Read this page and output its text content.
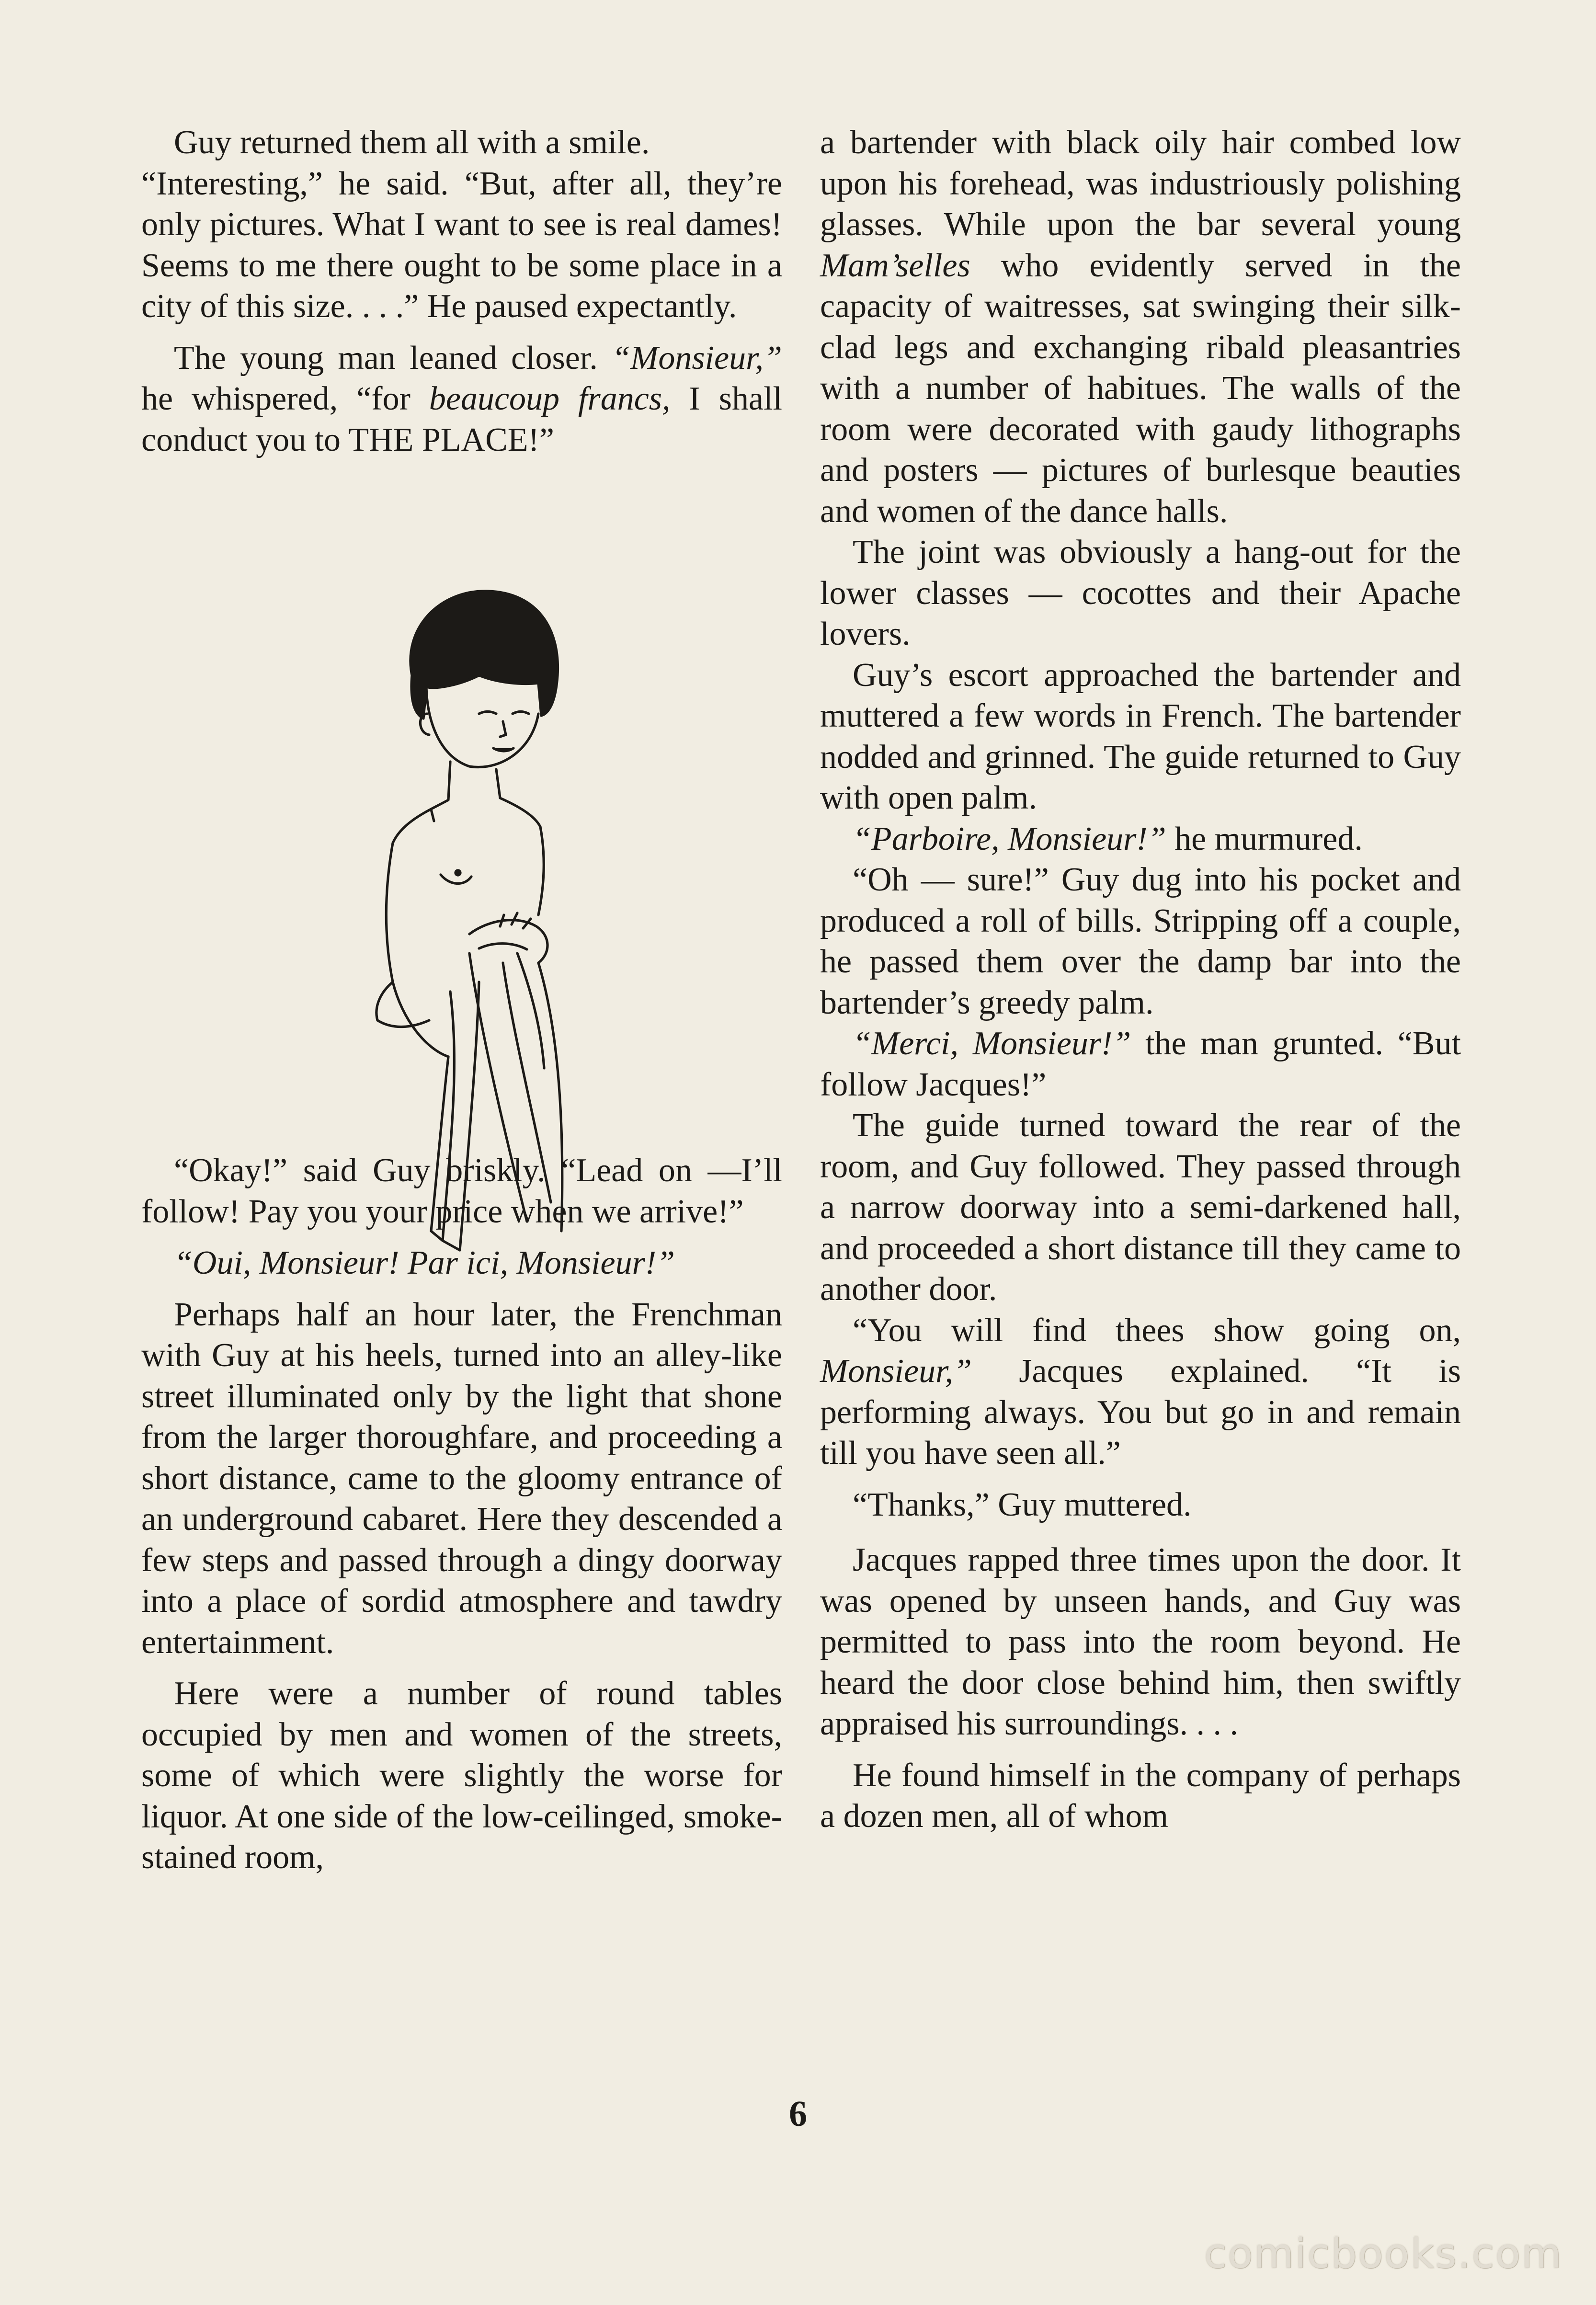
Guy returned them all with a smile.
“Interesting,” he said. “But, after all, they’re only pictures. What I want to see is real dames! Seems to me there ought to be some place in a city of this size. . . .” He paused expectantly.

The young man leaned closer. “Monsieur,” he whispered, “for beaucoup francs, I shall conduct you to THE PLACE!”

“Okay!” said Guy briskly. “Lead on —I’ll follow! Pay you your price when we arrive!”

“Oui, Monsieur! Par ici, Monsieur!”

Perhaps half an hour later, the Frenchman with Guy at his heels, turned into an alley-like street illuminated only by the light that shone from the larger thoroughfare, and proceeding a short distance, came to the gloomy entrance of an underground cabaret. Here they descended a few steps and passed through a dingy doorway into a place of sordid atmosphere and tawdry entertainment.

Here were a number of round tables occupied by men and women of the streets, some of which were slightly the worse for liquor. At one side of the low-ceilinged, smoke-stained room,

a bartender with black oily hair combed low upon his forehead, was industriously polishing glasses. While upon the bar several young Mam’selles who evidently served in the capacity of waitresses, sat swinging their silk-clad legs and exchanging ribald pleasantries with a number of habitues. The walls of the room were decorated with gaudy lithographs and posters — pictures of burlesque beauties and women of the dance halls.

The joint was obviously a hang-out for the lower classes — cocottes and their Apache lovers.

Guy’s escort approached the bartender and muttered a few words in French. The bartender nodded and grinned. The guide returned to Guy with open palm.

“Parboire, Monsieur!” he murmured.

“Oh — sure!” Guy dug into his pocket and produced a roll of bills. Stripping off a couple, he passed them over the damp bar into the bartender’s greedy palm.

“Merci, Monsieur!” the man grunted. “But follow Jacques!”

The guide turned toward the rear of the room, and Guy followed. They passed through a narrow doorway into a semi-darkened hall, and proceeded a short distance till they came to another door.

“You will find thees show going on, Monsieur,” Jacques explained. “It is performing always. You but go in and remain till you have seen all.”

“Thanks,” Guy muttered.

Jacques rapped three times upon the door. It was opened by unseen hands, and Guy was permitted to pass into the room beyond. He heard the door close behind him, then swiftly appraised his surroundings. . . .

He found himself in the company of perhaps a dozen men, all of whom

6
comicbooks.com
